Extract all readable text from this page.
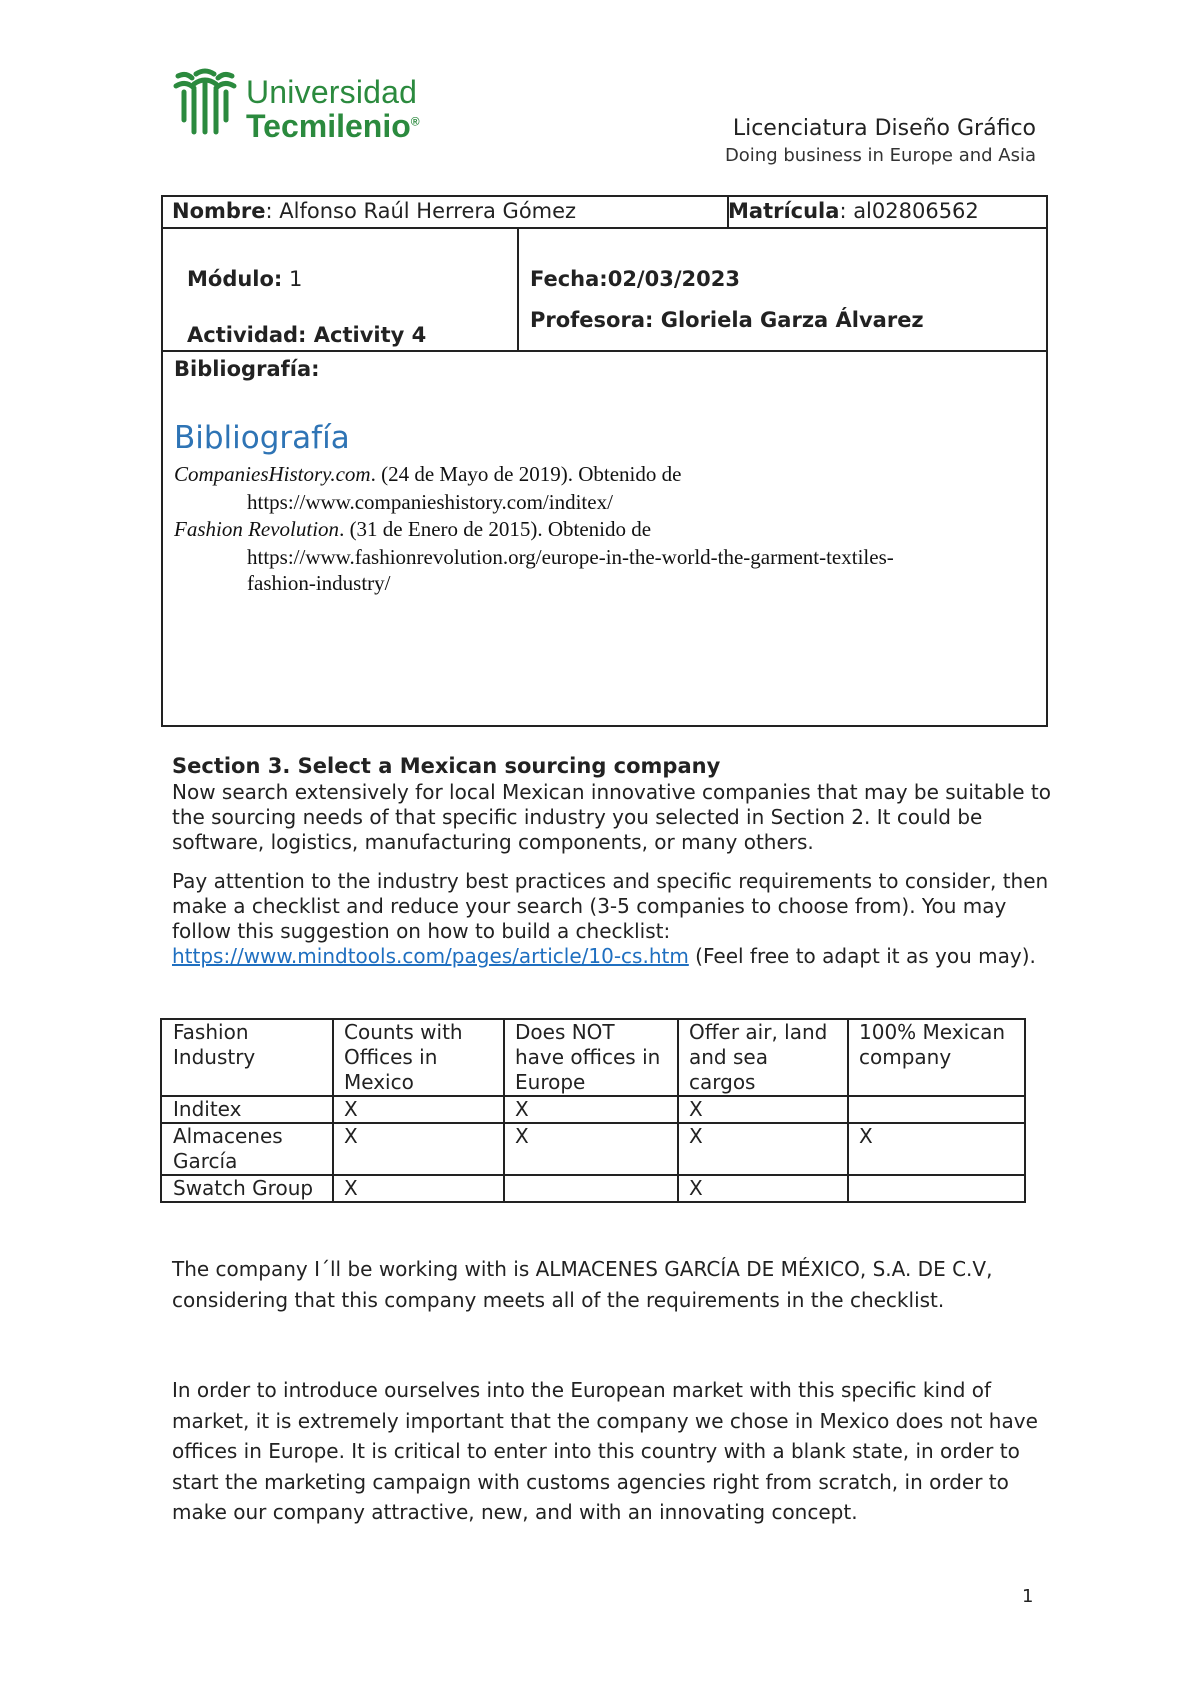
Universidad
Tecmilenio®	Licenciatura Diseño Gráfico
Doing business in Europe and Asia
Nombre: Alfonso Raúl Herrera Gómez	Matrícula: al02806562
Módulo: 1
Actividad: Activity 4
Fecha:02/03/2023
Profesora: Gloriela Garza Álvarez
Bibliografía:
Bibliografía
CompaniesHistory.com. (24 de Mayo de 2019). Obtenido de
https://www.companieshistory.com/inditex/
Fashion Revolution. (31 de Enero de 2015). Obtenido de
https://www.fashionrevolution.org/europe-in-the-world-the-garment-textiles-
fashion-industry/
Section 3. Select a Mexican sourcing company
Now search extensively for local Mexican innovative companies that may be suitable to the sourcing needs of that specific industry you selected in Section 2. It could be software, logistics, manufacturing components, or many others.
Pay attention to the industry best practices and specific requirements to consider, then make a checklist and reduce your search (3-5 companies to choose from). You may follow this suggestion on how to build a checklist: https://www.mindtools.com/pages/article/10-cs.htm (Feel free to adapt it as you may).
Fashion Industry	Counts with Offices in Mexico	Does NOT have offices in Europe	Offer air, land and sea cargos	100% Mexican company
Inditex	X	X	X	
Almacenes García	X	X	X	X
Swatch Group	X		X	
The company I´ll be working with is ALMACENES GARCÍA DE MÉXICO, S.A. DE C.V, considering that this company meets all of the requirements in the checklist.
In order to introduce ourselves into the European market with this specific kind of market, it is extremely important that the company we chose in Mexico does not have offices in Europe. It is critical to enter into this country with a blank state, in order to start the marketing campaign with customs agencies right from scratch, in order to make our company attractive, new, and with an innovating concept.
1
